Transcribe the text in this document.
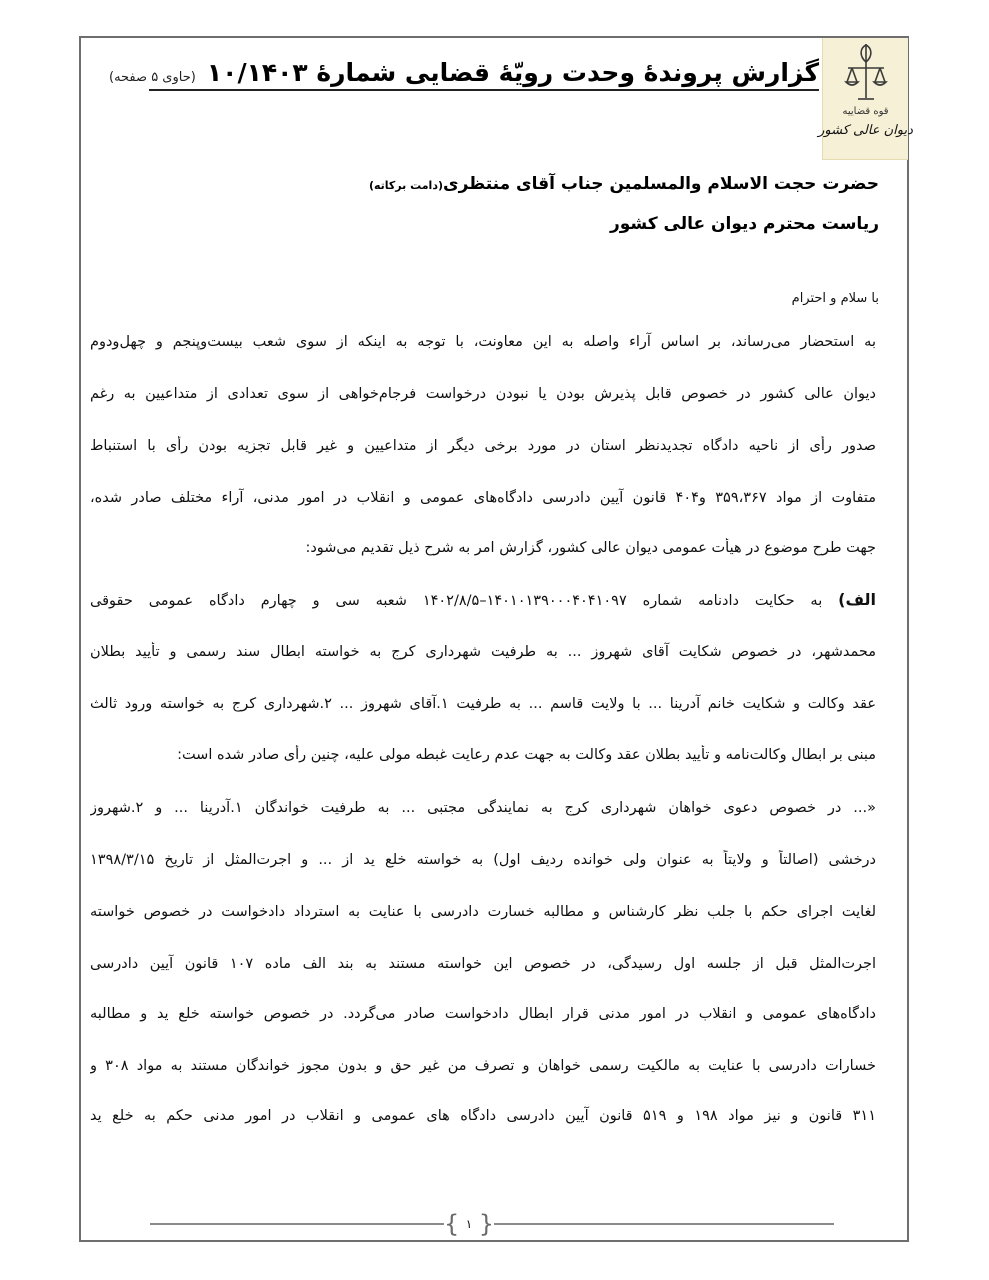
قوه قضاییه
دیوان عالی کشور
گزارش پروندۀ وحدت رویّۀ قضایی شمارۀ ۱۰/۱۴۰۳ (حاوی ۵ صفحه)
حضرت حجت الاسلام والمسلمین جناب آقای منتظری(دامت برکاته)
ریاست محترم دیوان عالی کشور
با سلام و احترام
به استحضار می‌رساند، بر اساس آراء واصله به این معاونت، با توجه به اینکه از سوی شعب بیست‌وپنجم و چهل‌ودوم
دیوان عالی کشور در خصوص قابل پذیرش بودن یا نبودن درخواست فرجام‌خواهی از سوی تعدادی از متداعیین به رغم
صدور رأی از ناحیه دادگاه تجدیدنظر استان در مورد برخی دیگر از متداعیین و غیر قابل تجزیه بودن رأی با استنباط
متفاوت از مواد ۳۵۹،۳۶۷ و۴۰۴ قانون آیین دادرسی دادگاه‌های عمومی و انقلاب در امور مدنی، آراء مختلف صادر شده،
جهت طرح موضوع در هیأت عمومی دیوان عالی کشور، گزارش امر به شرح ذیل تقدیم می‌شود:
الف) به حکایت دادنامه شماره ۱۴۰۱۰۱۳۹۰۰۰۴۰۴۱۰۹۷–۱۴۰۲/۸/۵ شعبه سی و چهارم دادگاه عمومی حقوقی
محمدشهر، در خصوص شکایت آقای شهروز ... به طرفیت شهرداری کرج به خواسته ابطال سند رسمی و تأیید بطلان
عقد وکالت و شکایت خانم آدرینا ... با ولایت قاسم ... به طرفیت ۱.آقای شهروز ... ۲.شهرداری کرج به خواسته ورود ثالث
مبنی بر ابطال وکالت‌نامه و تأیید بطلان عقد وکالت به جهت عدم رعایت غبطه مولی علیه، چنین رأی صادر شده است:
«... در خصوص دعوی خواهان شهرداری کرج به نمایندگی مجتبی ... به طرفیت خواندگان ۱.آدرینا ... و ۲.شهروز
درخشی (اصالتاً و ولایتاً به عنوان ولی خوانده ردیف اول) به خواسته خلع ید از ... و اجرت‌المثل از تاریخ ۱۳۹۸/۳/۱۵
لغایت اجرای حکم با جلب نظر کارشناس و مطالبه خسارت دادرسی با عنایت به استرداد دادخواست در خصوص خواسته
اجرت‌المثل قبل از جلسه اول رسیدگی، در خصوص این خواسته مستند به بند الف ماده ۱۰۷ قانون آیین دادرسی
دادگاه‌های عمومی و انقلاب در امور مدنی قرار ابطال دادخواست صادر می‌گردد. در خصوص خواسته خلع ید و مطالبه
خسارات دادرسی با عنایت به مالکیت رسمی خواهان و تصرف من غیر حق و بدون مجوز خواندگان مستند به مواد ۳۰۸ و
۳۱۱ قانون و نیز مواد ۱۹۸ و ۵۱۹ قانون آیین دادرسی دادگاه های عمومی و انقلاب در امور مدنی حکم به خلع ید
{ ۱ }
